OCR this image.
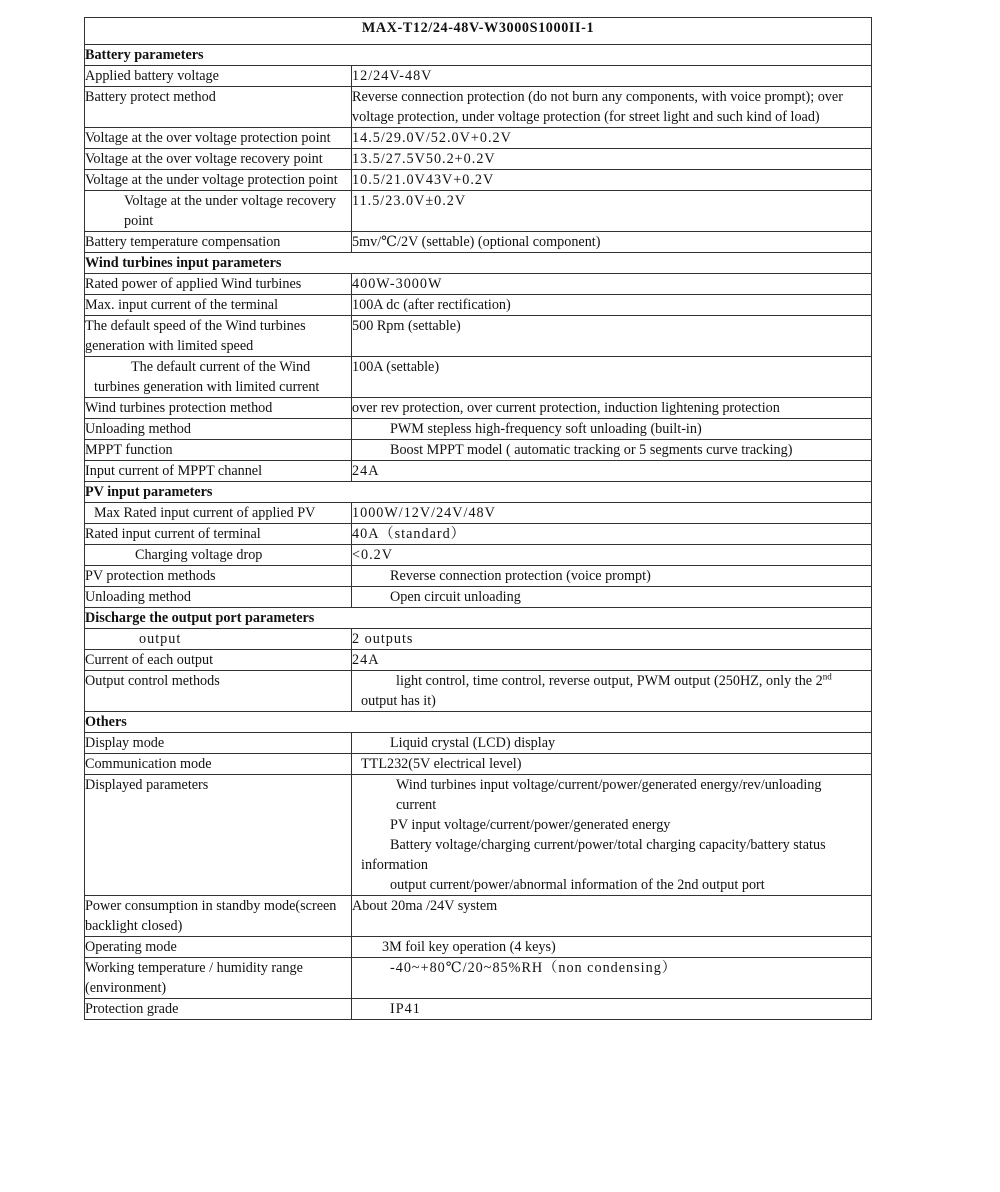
MAX-T12/24-48V-W3000S1000II-1	
Battery parameters	
Applied battery voltage	12/24V-48V
Battery protect method	Reverse connection protection (do not burn any components, with voice prompt); over voltage protection, under voltage protection (for street light and such kind of load)
Voltage at the over voltage protection point	14.5/29.0V/52.0V+0.2V
Voltage at the over voltage recovery point	13.5/27.5V50.2+0.2V
Voltage at the under voltage protection point	10.5/21.0V43V+0.2V
Voltage at the under voltage recovery point	11.5/23.0V±0.2V
Battery temperature compensation	5mv/℃/2V (settable) (optional component)
Wind turbines input parameters	
Rated power of applied Wind turbines	400W-3000W
Max. input current of the terminal	100A dc (after rectification)
The default speed of the Wind turbines generation with limited speed	500 Rpm (settable)
The default current of the Wind turbines generation with limited current	100A (settable)
Wind turbines protection method	over rev protection, over current protection, induction lightening protection
Unloading method	PWM stepless high-frequency soft unloading (built-in)
MPPT function	Boost MPPT model ( automatic tracking or 5 segments curve tracking)
Input current of MPPT channel	24A
PV input parameters	
Max Rated input current of applied PV	1000W/12V/24V/48V
Rated input current of terminal	40A（standard）
Charging voltage drop	<0.2V
PV protection methods	Reverse connection protection (voice prompt)
Unloading method	Open circuit unloading
Discharge the output port parameters	
output	2 outputs
Current of each output	24A
Output control methods	light control, time control, reverse output, PWM output (250HZ, only the 2nd
output has it)

Others	
Display mode	Liquid crystal (LCD) display
Communication mode	TTL232(5V electrical level)
Displayed parameters	Wind turbines input voltage/current/power/generated energy/rev/unloading current
PV input voltage/current/power/generated energy
Battery voltage/charging current/power/total charging capacity/battery status
information
output current/power/abnormal information of the 2nd output port

Power consumption in standby mode(screen backlight closed)	About 20ma /24V system
Operating mode	3M foil key operation (4 keys)
Working temperature / humidity range (environment)	-40~+80℃/20~85%RH（non condensing）
Protection grade	IP41
